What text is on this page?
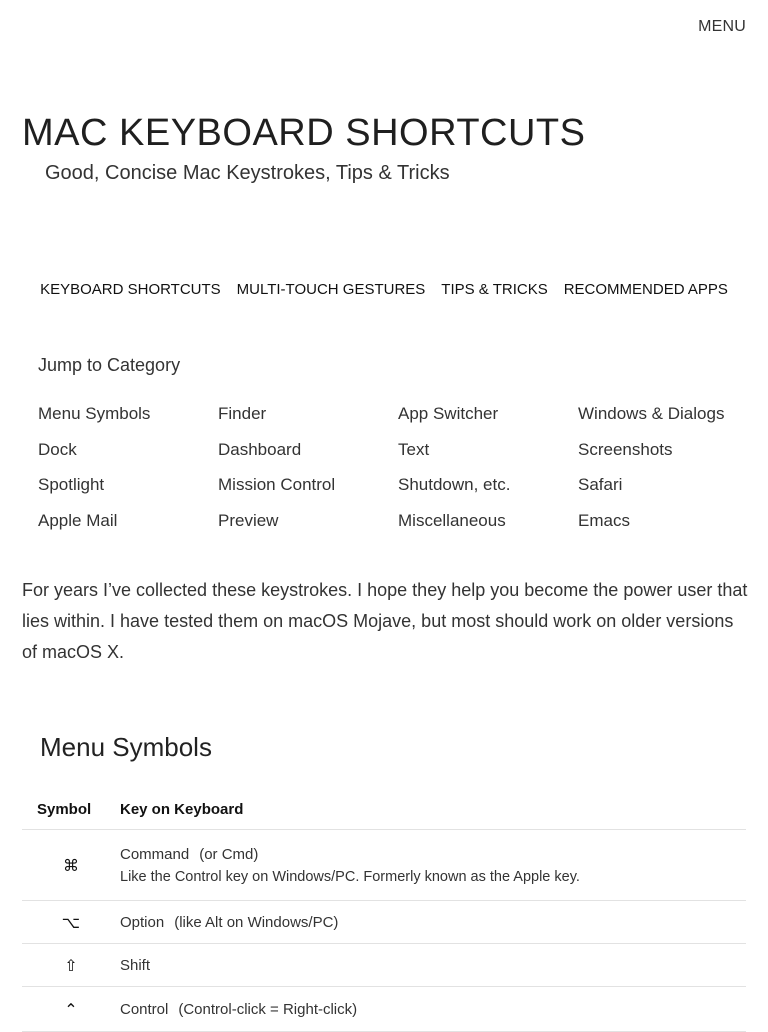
MENU
MAC KEYBOARD SHORTCUTS
Good, Concise Mac Keystrokes, Tips & Tricks
KEYBOARD SHORTCUTS MULTI-TOUCH GESTURES TIPS & TRICKS RECOMMENDED APPS
Jump to Category
Menu Symbols	Finder	App Switcher	Windows & Dialogs
Dock	Dashboard	Text	Screenshots
Spotlight	Mission Control	Shutdown, etc.	Safari
Apple Mail	Preview	Miscellaneous	Emacs

For years I’ve collected these keystrokes. I hope they help you become the power user that lies within. I have tested them on macOS Mojave, but most should work on older versions of macOS X.

Menu Symbols
Symbol	Key on Keyboard
⌘	Command (or Cmd)
Like the Control key on Windows/PC. Formerly known as the Apple key.

⌥	Option (like Alt on Windows/PC)
⇧	Shift
⌃	Control (Control-click = Right-click)
